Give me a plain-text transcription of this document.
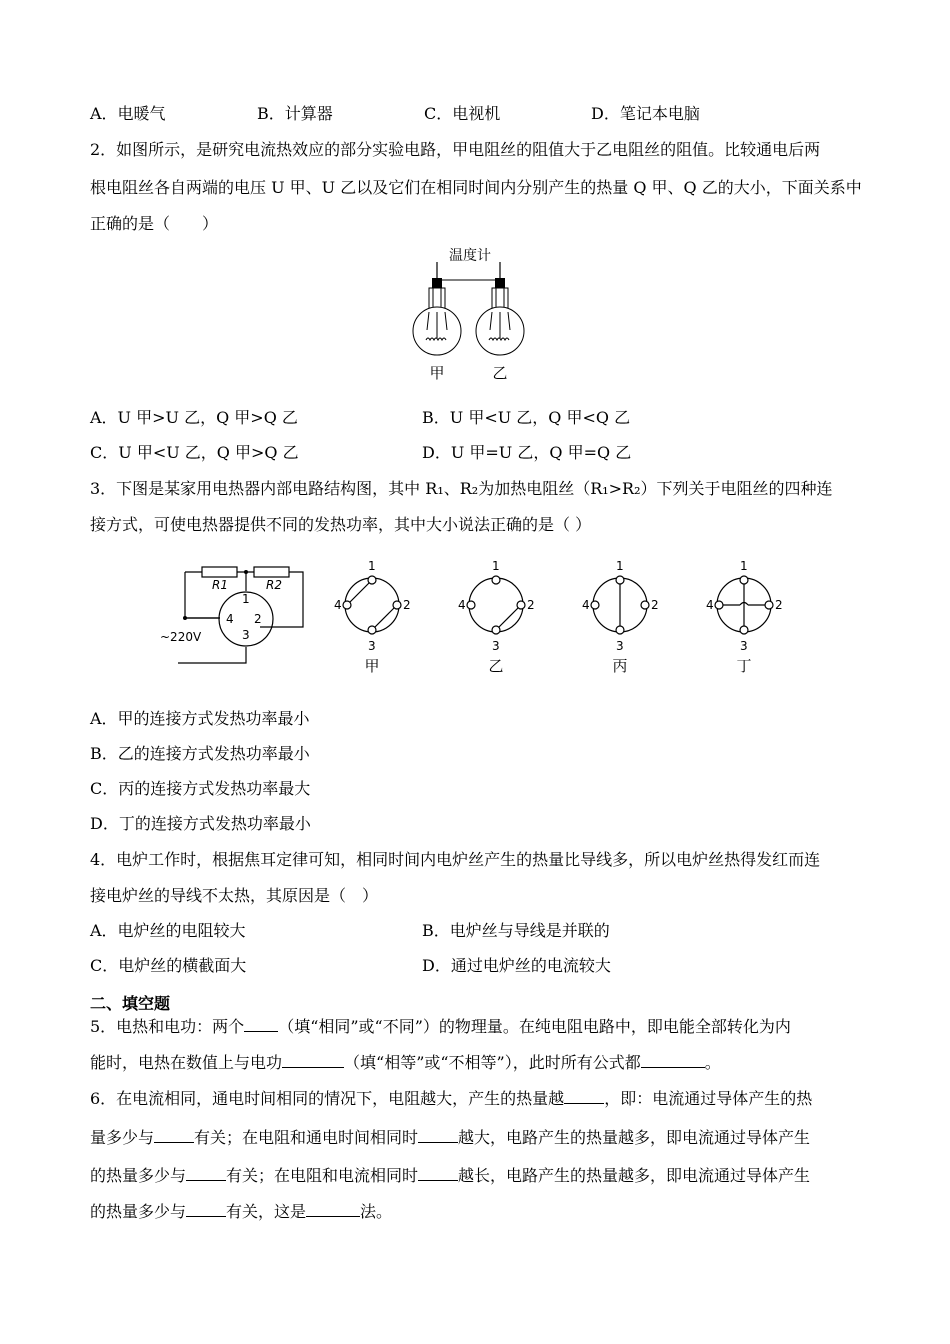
A．电暖气	B．计算器	C．电视机	D．笔记本电脑
2．如图所示，是研究电流热效应的部分实验电路，甲电阻丝的阻值大于乙电阻丝的阻值。比较通电后两
根电阻丝各自两端的电压 U 甲、U 乙以及它们在相同时间内分别产生的热量 Q 甲、Q 乙的大小，下面关系中
正确的是（　　）
温度计
甲	乙
A．U 甲>U 乙，Q 甲>Q 乙	B．U 甲<U 乙，Q 甲<Q 乙
C．U 甲<U 乙，Q 甲>Q 乙	D．U 甲=U 乙，Q 甲=Q 乙
3．下图是某家用电热器内部电路结构图，其中 R₁、R₂为加热电阻丝（R₁>R₂）下列关于电阻丝的四种连
接方式，可使电热器提供不同的发热功率，其中大小说法正确的是（ ）
R1	R2
1
2
3
4
~220V
1
2
3
4
1
2
3
4
1
2
3
4
1
2
3
4
甲	乙	丙	丁
A．甲的连接方式发热功率最小
B．乙的连接方式发热功率最小
C．丙的连接方式发热功率最大
D．丁的连接方式发热功率最小
4．电炉工作时，根据焦耳定律可知，相同时间内电炉丝产生的热量比导线多，所以电炉丝热得发红而连
接电炉丝的导线不太热，其原因是（　）
A．电炉丝的电阻较大	B．电炉丝与导线是并联的
C．电炉丝的横截面大	D．通过电炉丝的电流较大
二、填空题
5．电热和电功：两个 （填“相同”或“不同”）的物理量。在纯电阻电路中，即电能全部转化为内
能时，电热在数值上与电功	（填“相等”或“不相等”），此时所有公式都	。
6．在电流相同，通电时间相同的情况下，电阻越大，产生的热量越	，即：电流通过导体产生的热
量多少与	有关；在电阻和通电时间相同时	越大，电路产生的热量越多，即电流通过导体产生
的热量多少与	有关；在电阻和电流相同时	越长，电路产生的热量越多，即电流通过导体产生
的热量多少与	有关，这是	法。
